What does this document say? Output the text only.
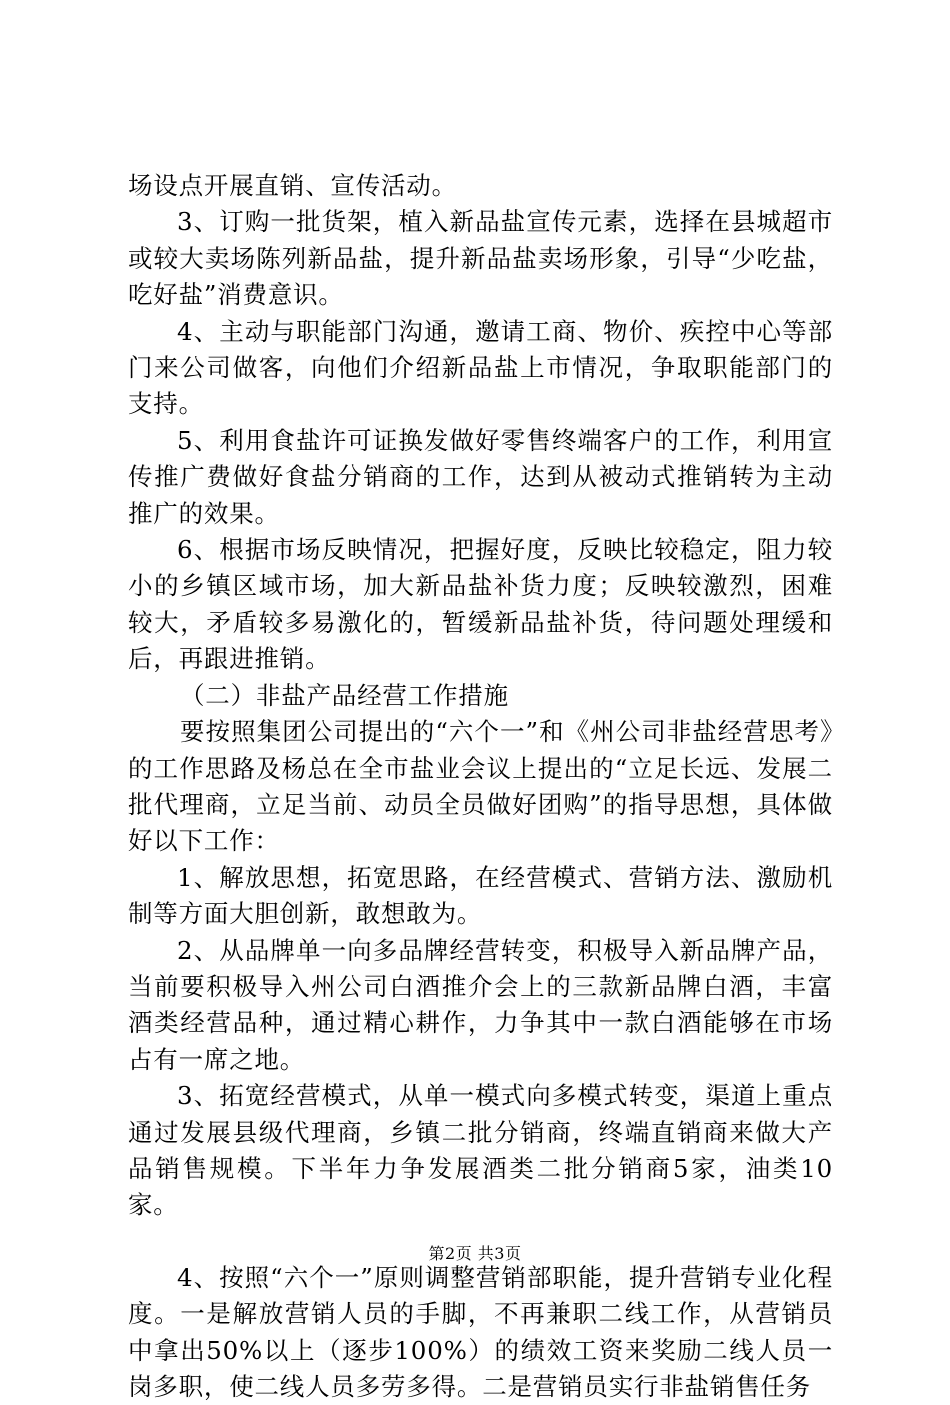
场设点开展直销、宣传活动。

3、订购一批货架，植入新品盐宣传元素，选择在县城超市或较大卖场陈列新品盐，提升新品盐卖场形象，引导“少吃盐，吃好盐”消费意识。

4、主动与职能部门沟通，邀请工商、物价、疾控中心等部门来公司做客，向他们介绍新品盐上市情况，争取职能部门的支持。

5、利用食盐许可证换发做好零售终端客户的工作，利用宣传推广费做好食盐分销商的工作，达到从被动式推销转为主动推广的效果。

6、根据市场反映情况，把握好度，反映比较稳定，阻力较小的乡镇区域市场，加大新品盐补货力度；反映较激烈，困难较大，矛盾较多易激化的，暂缓新品盐补货，待问题处理缓和后，再跟进推销。

（二）非盐产品经营工作措施

要按照集团公司提出的“六个一”和《州公司非盐经营思考》的工作思路及杨总在全市盐业会议上提出的“立足长远、发展二批代理商，立足当前、动员全员做好团购”的指导思想，具体做好以下工作：

1、解放思想，拓宽思路，在经营模式、营销方法、激励机制等方面大胆创新，敢想敢为。

2、从品牌单一向多品牌经营转变，积极导入新品牌产品，当前要积极导入州公司白酒推介会上的三款新品牌白酒，丰富酒类经营品种，通过精心耕作，力争其中一款白酒能够在市场占有一席之地。

3、拓宽经营模式，从单一模式向多模式转变，渠道上重点通过发展县级代理商，乡镇二批分销商，终端直销商来做大产品销售规模。下半年力争发展酒类二批分销商5家，油类10家。

4、按照“六个一”原则调整营销部职能，提升营销专业化程度。一是解放营销人员的手脚，不再兼职二线工作，从营销员中拿出50%以上（逐步100%）的绩效工资来奖励二线人员一岗多职，使二线人员多劳多得。二是营销员实行非盐销售任务

第2页 共3页
